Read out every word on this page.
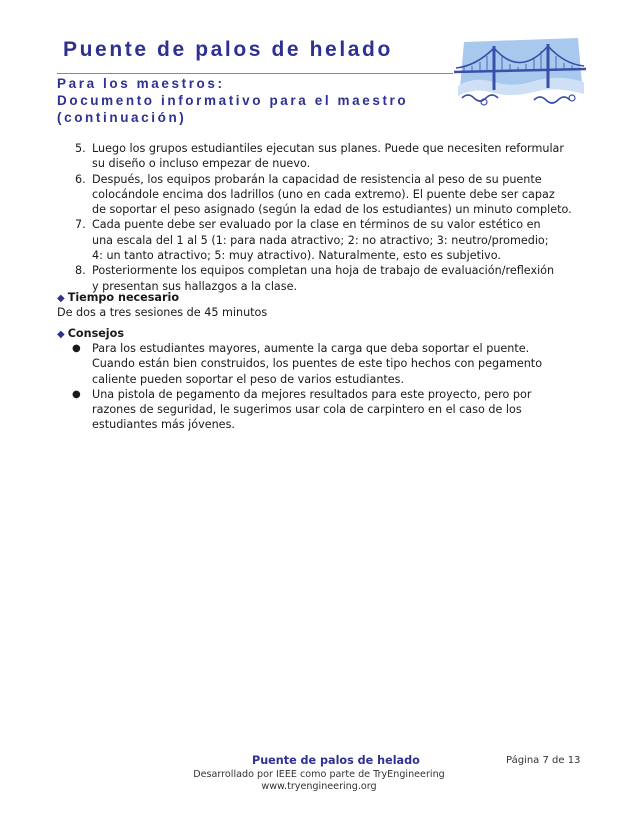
Puente de palos de helado
Para los maestros:
Documento informativo para el maestro
(continuación)
5. Luego los grupos estudiantiles ejecutan sus planes. Puede que necesiten reformular
su diseño o incluso empezar de nuevo.
6. Después, los equipos probarán la capacidad de resistencia al peso de su puente
colocándole encima dos ladrillos (uno en cada extremo). El puente debe ser capaz
de soportar el peso asignado (según la edad de los estudiantes) un minuto completo.
7. Cada puente debe ser evaluado por la clase en términos de su valor estético en
una escala del 1 al 5 (1: para nada atractivo; 2: no atractivo; 3: neutro/promedio;
4: un tanto atractivo; 5: muy atractivo). Naturalmente, esto es subjetivo.
8. Posteriormente los equipos completan una hoja de trabajo de evaluación/reflexión
y presentan sus hallazgos a la clase.
◆ Tiempo necesario
De dos a tres sesiones de 45 minutos
◆ Consejos
● Para los estudiantes mayores, aumente la carga que deba soportar el puente.
Cuando están bien construidos, los puentes de este tipo hechos con pegamento
caliente pueden soportar el peso de varios estudiantes.
● Una pistola de pegamento da mejores resultados para este proyecto, pero por
razones de seguridad, le sugerimos usar cola de carpintero en el caso de los
estudiantes más jóvenes.
Puente de palos de helado	Página 7 de 13
Desarrollado por IEEE como parte de TryEngineering
www.tryengineering.org
